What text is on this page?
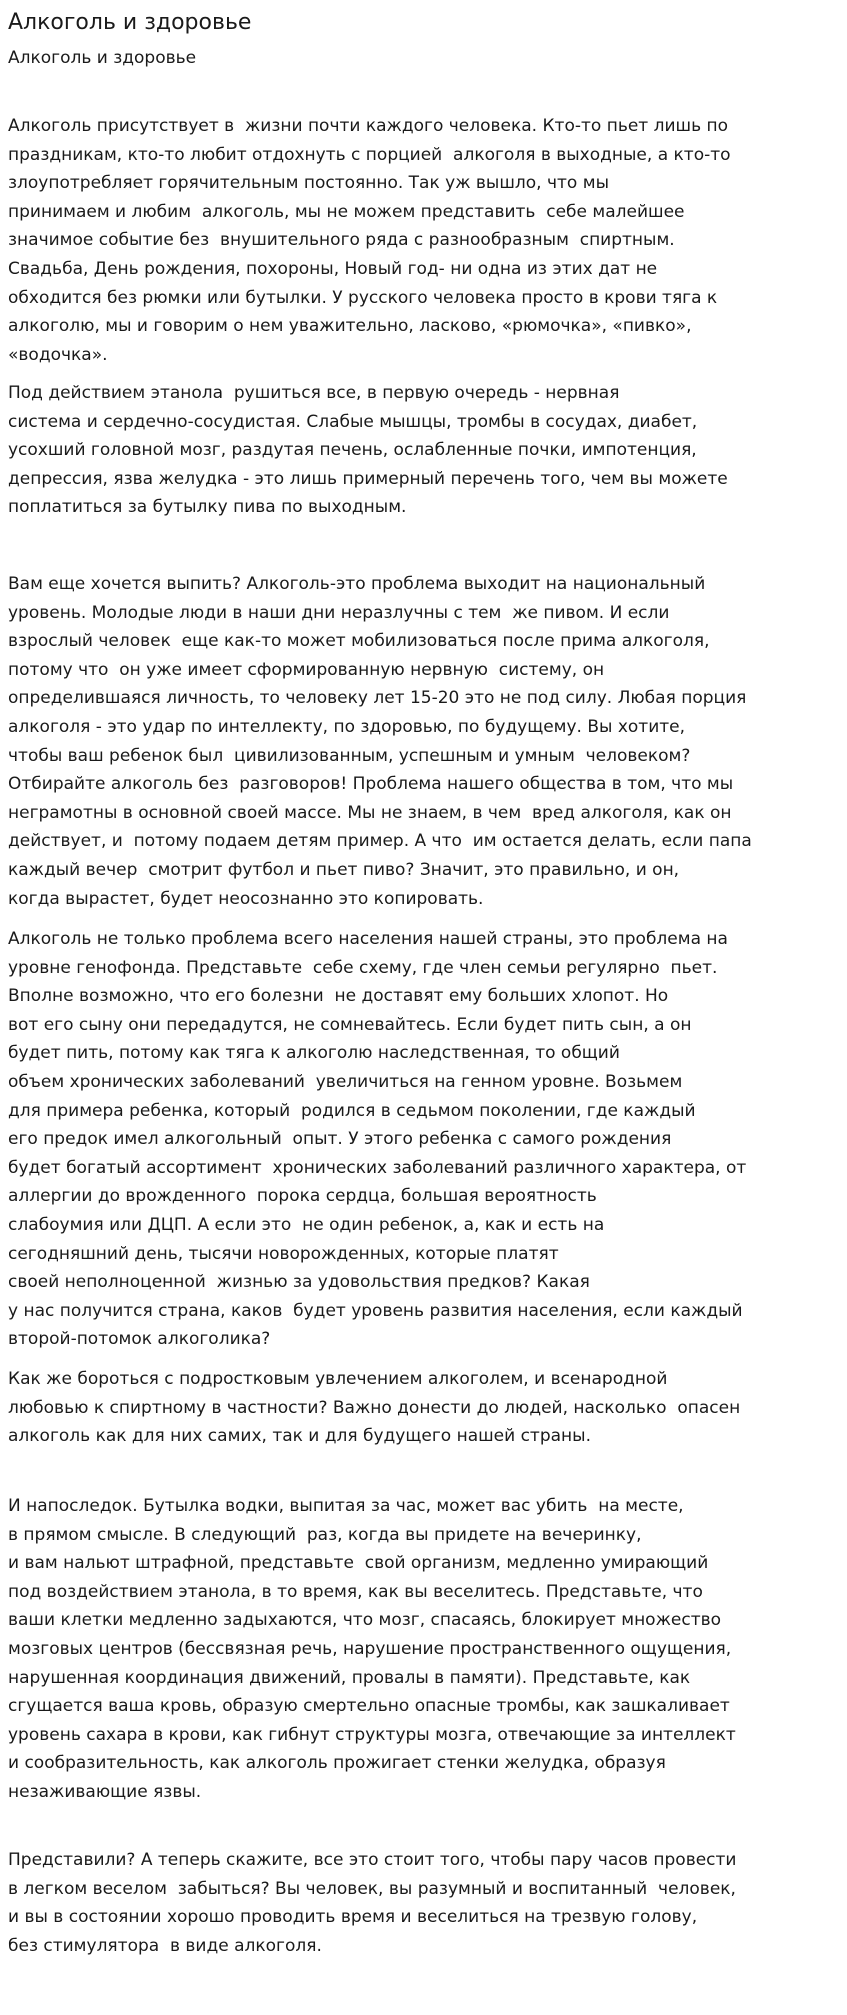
Алкоголь и здоровье
Алкоголь и здоровье
Алкоголь присутствует в  жизни почти каждого человека. Кто-то пьет лишь по
праздникам, кто-то любит отдохнуть с порцией  алкоголя в выходные, а кто-то
злоупотребляет горячительным постоянно. Так уж вышло, что мы
принимаем и любим  алкоголь, мы не можем представить  себе малейшее
значимое событие без  внушительного ряда с разнообразным  спиртным.
Свадьба, День рождения, похороны, Новый год- ни одна из этих дат не
обходится без рюмки или бутылки. У русского человека просто в крови тяга к
алкоголю, мы и говорим о нем уважительно, ласково, «рюмочка», «пивко»,
«водочка».
Под действием этанола  рушиться все, в первую очередь - нервная
система и сердечно-сосудистая. Слабые мышцы, тромбы в сосудах, диабет,
усохший головной мозг, раздутая печень, ослабленные почки, импотенция,
депрессия, язва желудка - это лишь примерный перечень того, чем вы можете
поплатиться за бутылку пива по выходным.
Вам еще хочется выпить? Алкоголь-это проблема выходит на национальный
уровень. Молодые люди в наши дни неразлучны с тем  же пивом. И если
взрослый человек  еще как-то может мобилизоваться после прима алкоголя,
потому что  он уже имеет сформированную нервную  систему, он
определившаяся личность, то человеку лет 15-20 это не под силу. Любая порция
алкоголя - это удар по интеллекту, по здоровью, по будущему. Вы хотите,
чтобы ваш ребенок был  цивилизованным, успешным и умным  человеком?
Отбирайте алкоголь без  разговоров! Проблема нашего общества в том, что мы
неграмотны в основной своей массе. Мы не знаем, в чем  вред алкоголя, как он
действует, и  потому подаем детям пример. А что  им остается делать, если папа
каждый вечер  смотрит футбол и пьет пиво? Значит, это правильно, и он,
когда вырастет, будет неосознанно это копировать.
Алкоголь не только проблема всего населения нашей страны, это проблема на
уровне генофонда. Представьте  себе схему, где член семьи регулярно  пьет.
Вполне возможно, что его болезни  не доставят ему больших хлопот. Но
вот его сыну они передадутся, не сомневайтесь. Если будет пить сын, а он
будет пить, потому как тяга к алкоголю наследственная, то общий
объем хронических заболеваний  увеличиться на генном уровне. Возьмем
для примера ребенка, который  родился в седьмом поколении, где каждый
его предок имел алкогольный  опыт. У этого ребенка с самого рождения
будет богатый ассортимент  хронических заболеваний различного характера, от
аллергии до врожденного  порока сердца, большая вероятность
слабоумия или ДЦП. А если это  не один ребенок, а, как и есть на
сегодняшний день, тысячи новорожденных, которые платят
своей неполноценной  жизнью за удовольствия предков? Какая
у нас получится страна, каков  будет уровень развития населения, если каждый
второй-потомок алкоголика?
Как же бороться с подростковым увлечением алкоголем, и всенародной
любовью к спиртному в частности? Важно донести до людей, насколько  опасен
алкоголь как для них самих, так и для будущего нашей страны.
И напоследок. Бутылка водки, выпитая за час, может вас убить  на месте,
в прямом смысле. В следующий  раз, когда вы придете на вечеринку,
и вам нальют штрафной, представьте  свой организм, медленно умирающий
под воздействием этанола, в то время, как вы веселитесь. Представьте, что
ваши клетки медленно задыхаются, что мозг, спасаясь, блокирует множество
мозговых центров (бессвязная речь, нарушение пространственного ощущения,
нарушенная координация движений, провалы в памяти). Представьте, как
сгущается ваша кровь, образую смертельно опасные тромбы, как зашкаливает
уровень сахара в крови, как гибнут структуры мозга, отвечающие за интеллект
и сообразительность, как алкоголь прожигает стенки желудка, образуя
незаживающие язвы.
Представили? А теперь скажите, все это стоит того, чтобы пару часов провести
в легком веселом  забыться? Вы человек, вы разумный и воспитанный  человек,
и вы в состоянии хорошо проводить время и веселиться на трезвую голову,
без стимулятора  в виде алкоголя.
